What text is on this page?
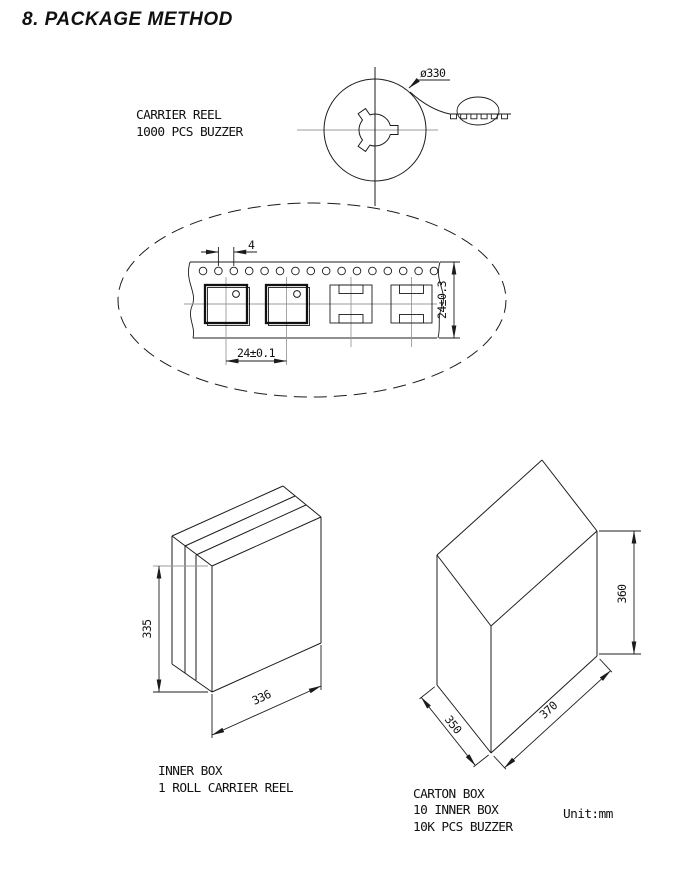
8. PACKAGE METHOD
CARRIER REEL
1000 PCS BUZZER
ø330
4
24±0.1
24±0.3
335
336
INNER BOX
1 ROLL CARRIER REEL
360
350
370
CARTON BOX
10 INNER BOX
10K PCS BUZZER
Unit:mm
